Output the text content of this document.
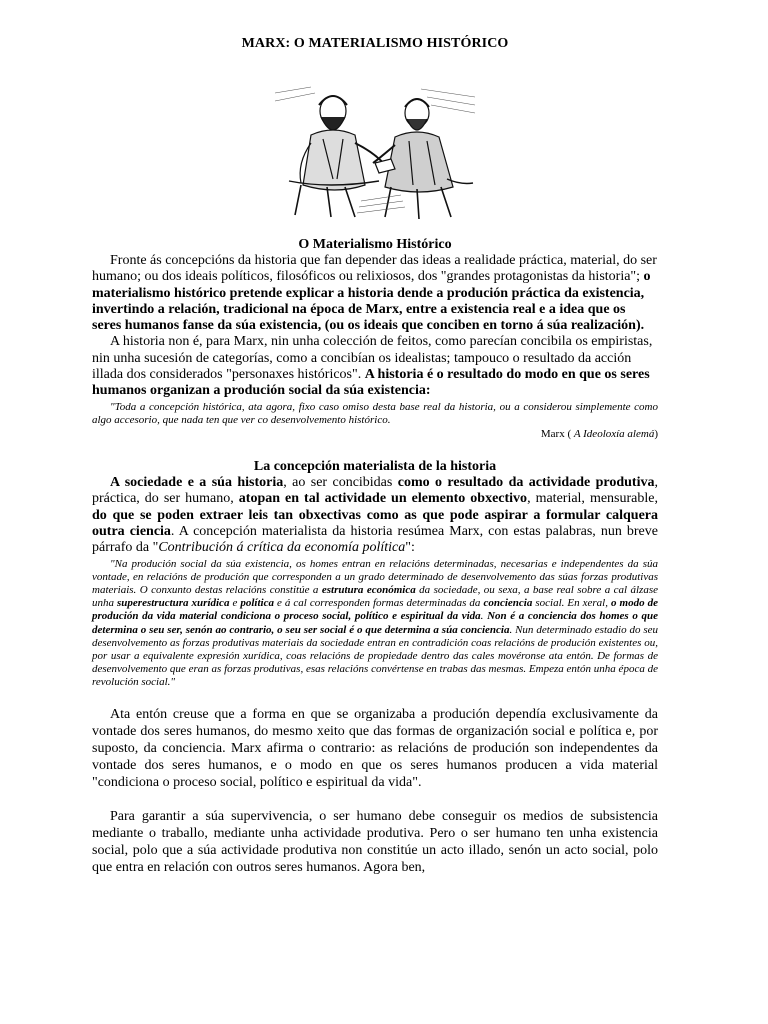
MARX: O MATERIALISMO HISTÓRICO
O Materialismo Histórico

Fronte ás concepcións da historia que fan depender das ideas a realidade práctica, material, do ser humano; ou dos ideais políticos, filosóficos ou relixiosos, dos "grandes protagonistas da historia"; o materialismo histórico pretende explicar a historia dende a produción práctica da existencia, invertindo a relación, tradicional na época de Marx, entre a existencia real e a idea que os seres humanos fanse da súa existencia, (ou os ideais que conciben en torno á súa realización).

A historia non é, para Marx, nin unha colección de feitos, como parecían concibila os empiristas, nin unha sucesión de categorías, como a concibían os idealistas; tampouco o resultado da acción illada dos considerados "personaxes históricos". A historia é o resultado do modo en que os seres humanos organizan a produción social da súa existencia:

"Toda a concepción histórica, ata agora, fixo caso omiso desta base real da historia, ou a considerou simplemente como algo accesorio, que nada ten que ver co desenvolvemento histórico.

Marx ( A Ideoloxía alemá)
La concepción materialista de la historia

A sociedade e a súa historia, ao ser concibidas como o resultado da actividade produtiva, práctica, do ser humano, atopan en tal actividade un elemento obxectivo, material, mensurable, do que se poden extraer leis tan obxectivas como as que pode aspirar a formular calquera outra ciencia. A concepción materialista da historia resúmea Marx, con estas palabras, nun breve párrafo da "Contribución á crítica da economía política":

"Na produción social da súa existencia, os homes entran en relacións determinadas, necesarias e independentes da súa vontade, en relacións de produción que corresponden a un grado determinado de desenvolvemento das súas forzas produtivas materiais. O conxunto destas relacións constitúe a estrutura económica da sociedade, ou sexa, a base real sobre a cal álzase unha superestructura xurídica e política e á cal corresponden formas determinadas da conciencia social. En xeral, o modo de produción da vida material condiciona o proceso social, político e espiritual da vida. Non é a conciencia dos homes o que determina o seu ser, senón ao contrario, o seu ser social é o que determina a súa conciencia. Nun determinado estadio do seu desenvolvemento as forzas produtivas materiais da sociedade entran en contradición coas relacións de produción existentes ou, por usar a equivalente expresión xurídica, coas relacións de propiedade dentro das cales movéronse ata entón. De formas de desenvolvemento que eran as forzas produtivas, esas relacións convértense en trabas das mesmas. Empeza entón unha época de revolución social."

Ata entón creuse que a forma en que se organizaba a produción dependía exclusivamente da vontade dos seres humanos, do mesmo xeito que das formas de organización social e política e, por suposto, da conciencia. Marx afirma o contrario: as relacións de produción son independentes da vontade dos seres humanos, e o modo en que os seres humanos producen a vida material "condiciona o proceso social, político e espiritual da vida".

Para garantir a súa supervivencia, o ser humano debe conseguir os medios de subsistencia mediante o traballo, mediante unha actividade produtiva. Pero o ser humano ten unha existencia social, polo que a súa actividade produtiva non constitúe un acto illado, senón un acto social, polo que entra en relación con outros seres humanos. Agora ben,
